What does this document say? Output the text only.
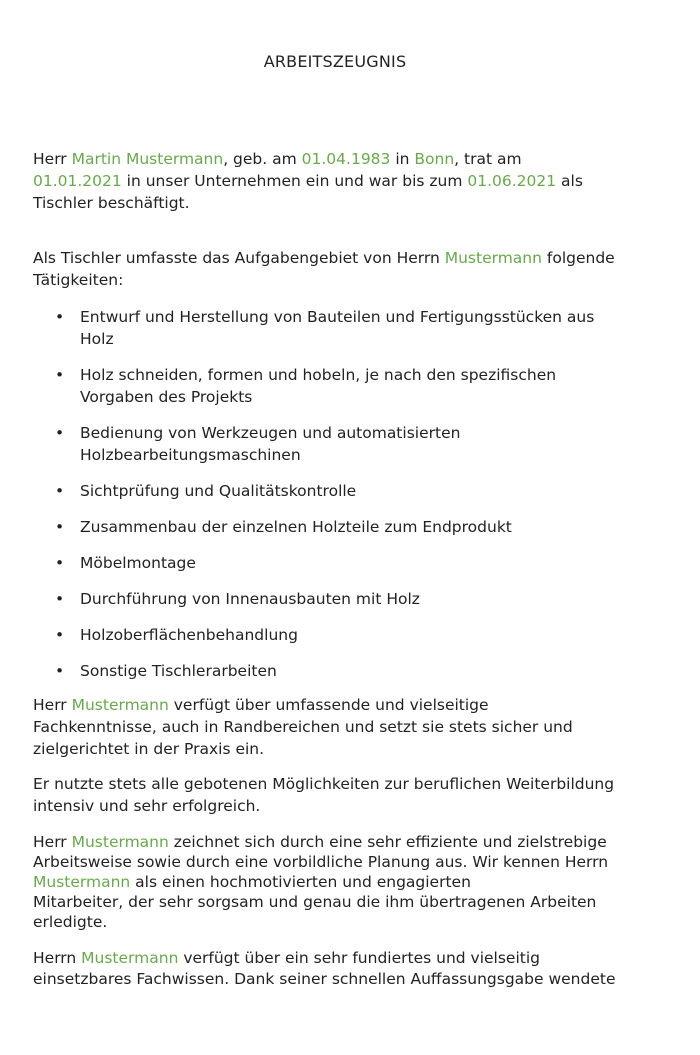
ARBEITSZEUGNIS

Herr Martin Mustermann, geb. am 01.04.1983 in Bonn, trat am
01.01.2021 in unser Unternehmen ein und war bis zum 01.06.2021 als
Tischler beschäftigt.

Als Tischler umfasste das Aufgabengebiet von Herrn Mustermann folgende
Tätigkeiten:

• Entwurf und Herstellung von Bauteilen und Fertigungsstücken aus
Holz
• Holz schneiden, formen und hobeln, je nach den spezifischen
Vorgaben des Projekts
• Bedienung von Werkzeugen und automatisierten
Holzbearbeitungsmaschinen
• Sichtprüfung und Qualitätskontrolle
• Zusammenbau der einzelnen Holzteile zum Endprodukt
• Möbelmontage
• Durchführung von Innenausbauten mit Holz
• Holzoberflächenbehandlung
• Sonstige Tischlerarbeiten

Herr Mustermann verfügt über umfassende und vielseitige
Fachkenntnisse, auch in Randbereichen und setzt sie stets sicher und
zielgerichtet in der Praxis ein.

Er nutzte stets alle gebotenen Möglichkeiten zur beruflichen Weiterbildung
intensiv und sehr erfolgreich.

Herr Mustermann zeichnet sich durch eine sehr effiziente und zielstrebige
Arbeitsweise sowie durch eine vorbildliche Planung aus. Wir kennen Herrn
Mustermann als einen hochmotivierten und engagierten
Mitarbeiter, der sehr sorgsam und genau die ihm übertragenen Arbeiten
erledigte.

Herrn Mustermann verfügt über ein sehr fundiertes und vielseitig
einsetzbares Fachwissen. Dank seiner schnellen Auffassungsgabe wendete
